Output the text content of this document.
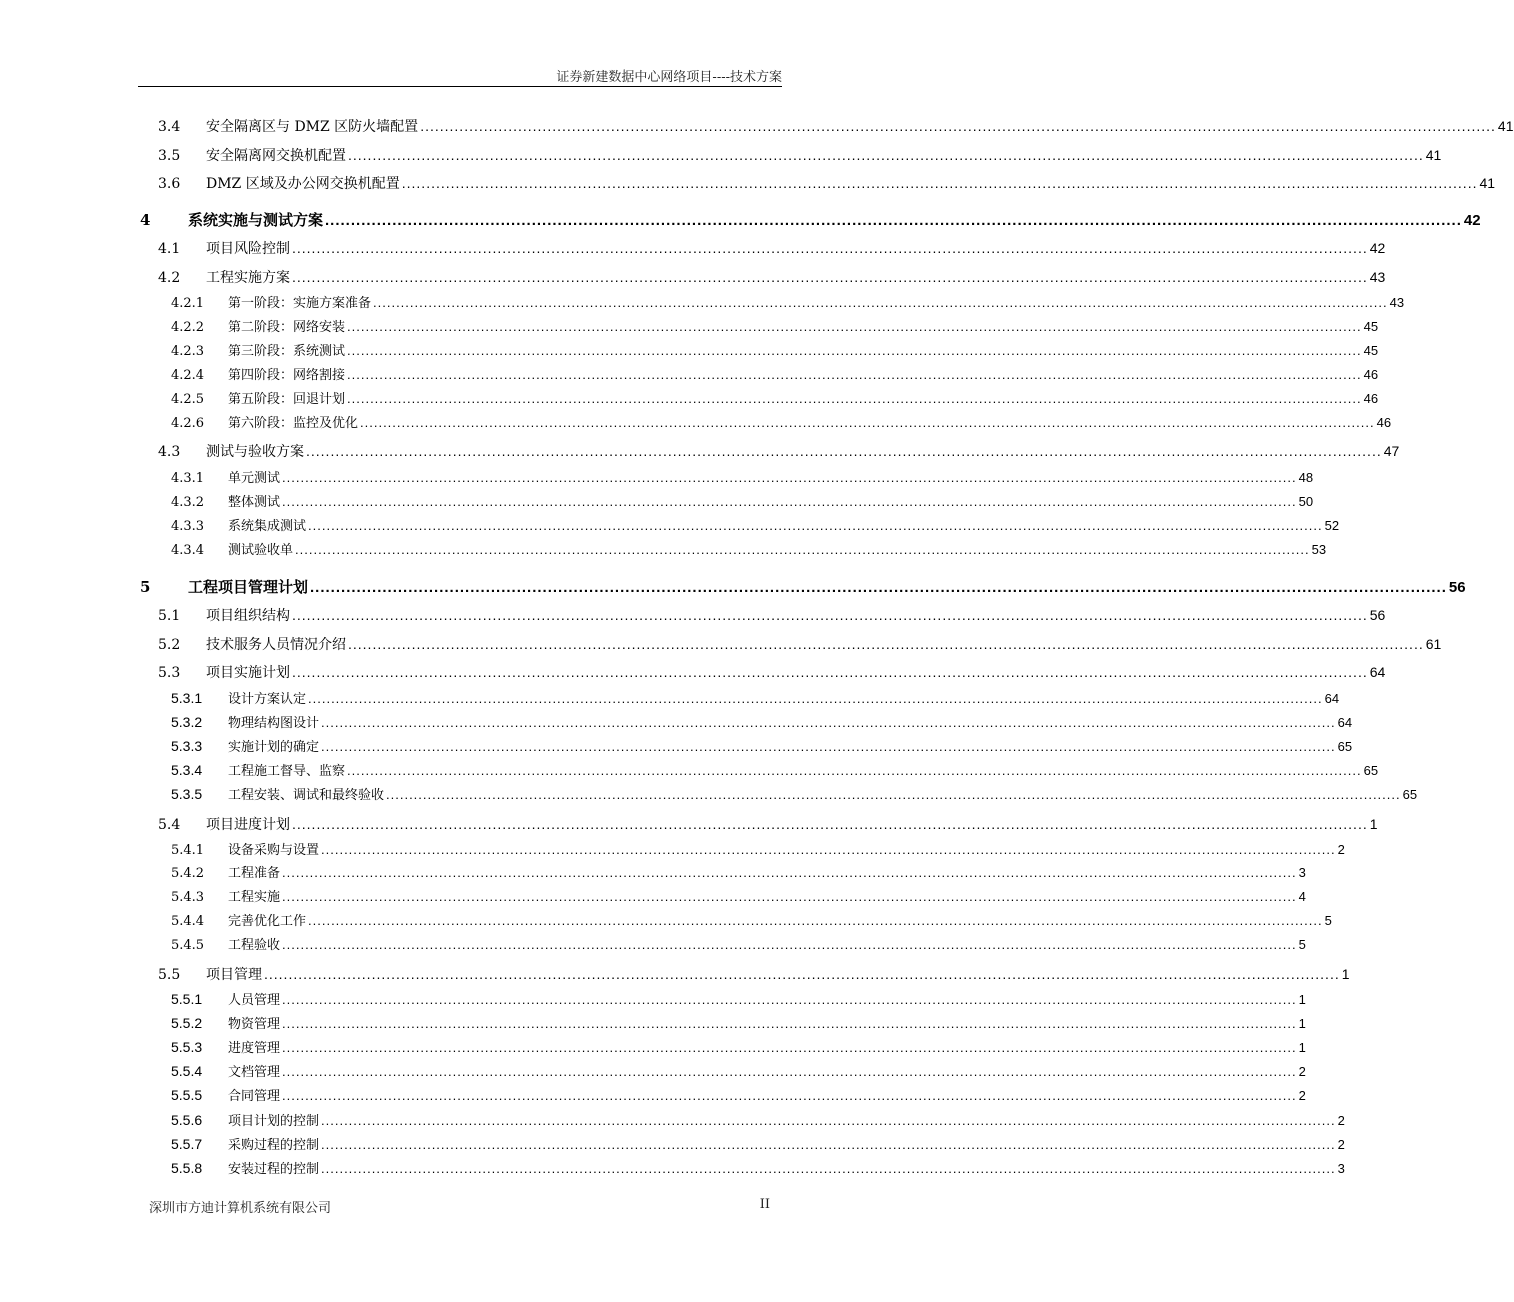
证券新建数据中心网络项目----技术方案
3.4	安全隔离区与 DMZ 区防火墙配置 ............................................................................................................................................................................................................................ 41
3.5	安全隔离网交换机配置 ............................................................................................................................................................................................................................ 41
3.6	DMZ 区域及办公网交换机配置 ............................................................................................................................................................................................................................ 41
4	系统实施与测试方案 ............................................................................................................................................................................................................................ 42
4.1	项目风险控制 ............................................................................................................................................................................................................................ 42
4.2	工程实施方案 ............................................................................................................................................................................................................................ 43
4.2.1	第一阶段：实施方案准备 ............................................................................................................................................................................................................................ 43
4.2.2	第二阶段：网络安装 ............................................................................................................................................................................................................................ 45
4.2.3	第三阶段：系统测试 ............................................................................................................................................................................................................................ 45
4.2.4	第四阶段：网络割接 ............................................................................................................................................................................................................................ 46
4.2.5	第五阶段：回退计划 ............................................................................................................................................................................................................................ 46
4.2.6	第六阶段：监控及优化 ............................................................................................................................................................................................................................ 46
4.3	测试与验收方案 ............................................................................................................................................................................................................................ 47
4.3.1	单元测试 ............................................................................................................................................................................................................................ 48
4.3.2	整体测试 ............................................................................................................................................................................................................................ 50
4.3.3	系统集成测试 ............................................................................................................................................................................................................................ 52
4.3.4	测试验收单 ............................................................................................................................................................................................................................ 53
5	工程项目管理计划 ............................................................................................................................................................................................................................ 56
5.1	项目组织结构 ............................................................................................................................................................................................................................ 56
5.2	技术服务人员情况介绍 ............................................................................................................................................................................................................................ 61
5.3	项目实施计划 ............................................................................................................................................................................................................................ 64
5.3.1	设计方案认定 ............................................................................................................................................................................................................................ 64
5.3.2	物理结构图设计 ............................................................................................................................................................................................................................ 64
5.3.3	实施计划的确定 ............................................................................................................................................................................................................................ 65
5.3.4	工程施工督导、监察 ............................................................................................................................................................................................................................ 65
5.3.5	工程安装、调试和最终验收 ............................................................................................................................................................................................................................ 65
5.4	项目进度计划 ............................................................................................................................................................................................................................ 1
5.4.1	设备采购与设置 ............................................................................................................................................................................................................................ 2
5.4.2	工程准备 ............................................................................................................................................................................................................................ 3
5.4.3	工程实施 ............................................................................................................................................................................................................................ 4
5.4.4	完善优化工作 ............................................................................................................................................................................................................................ 5
5.4.5	工程验收 ............................................................................................................................................................................................................................ 5
5.5	项目管理 ............................................................................................................................................................................................................................ 1
5.5.1	人员管理 ............................................................................................................................................................................................................................ 1
5.5.2	物资管理 ............................................................................................................................................................................................................................ 1
5.5.3	进度管理 ............................................................................................................................................................................................................................ 1
5.5.4	文档管理 ............................................................................................................................................................................................................................ 2
5.5.5	合同管理 ............................................................................................................................................................................................................................ 2
5.5.6	项目计划的控制 ............................................................................................................................................................................................................................ 2
5.5.7	采购过程的控制 ............................................................................................................................................................................................................................ 2
5.5.8	安装过程的控制 ............................................................................................................................................................................................................................ 3
深圳市方迪计算机系统有限公司	II
